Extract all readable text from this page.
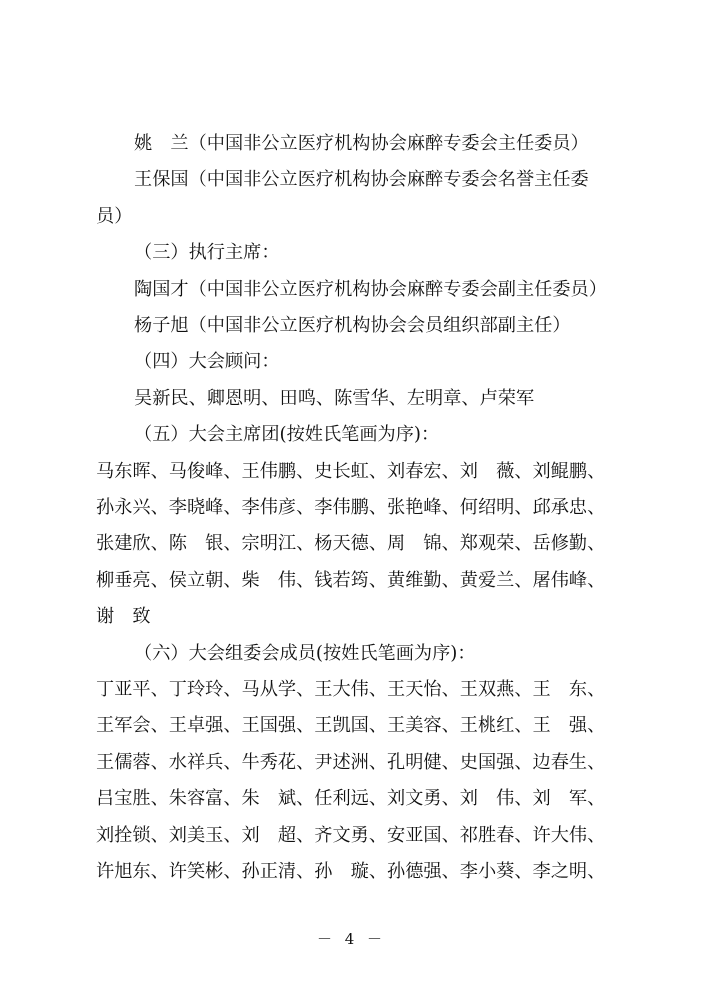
姚　兰（中国非公立医疗机构协会麻醉专委会主任委员）
王保国（中国非公立医疗机构协会麻醉专委会名誉主任委
员）
（三）执行主席：
陶国才（中国非公立医疗机构协会麻醉专委会副主任委员）
杨子旭（中国非公立医疗机构协会会员组织部副主任）
（四）大会顾问：
吴新民、卿恩明、田鸣、陈雪华、左明章、卢荣军
（五）大会主席团(按姓氏笔画为序)：
马东晖、马俊峰、王伟鹏、史长虹、刘春宏、刘　薇、刘鲲鹏、
孙永兴、李晓峰、李伟彦、李伟鹏、张艳峰、何绍明、邱承忠、
张建欣、陈　银、宗明江、杨天德、周　锦、郑观荣、岳修勤、
柳垂亮、侯立朝、柴　伟、钱若筠、黄维勤、黄爱兰、屠伟峰、
谢　致
（六）大会组委会成员(按姓氏笔画为序)：
丁亚平、丁玲玲、马从学、王大伟、王天怡、王双燕、王　东、
王军会、王卓强、王国强、王凯国、王美容、王桃红、王　强、
王儒蓉、水祥兵、牛秀花、尹述洲、孔明健、史国强、边春生、
吕宝胜、朱容富、朱　斌、任利远、刘文勇、刘　伟、刘　军、
刘拴锁、刘美玉、刘　超、齐文勇、安亚国、祁胜春、许大伟、
许旭东、许笑彬、孙正清、孙　璇、孙德强、李小葵、李之明、
－ 4 －
